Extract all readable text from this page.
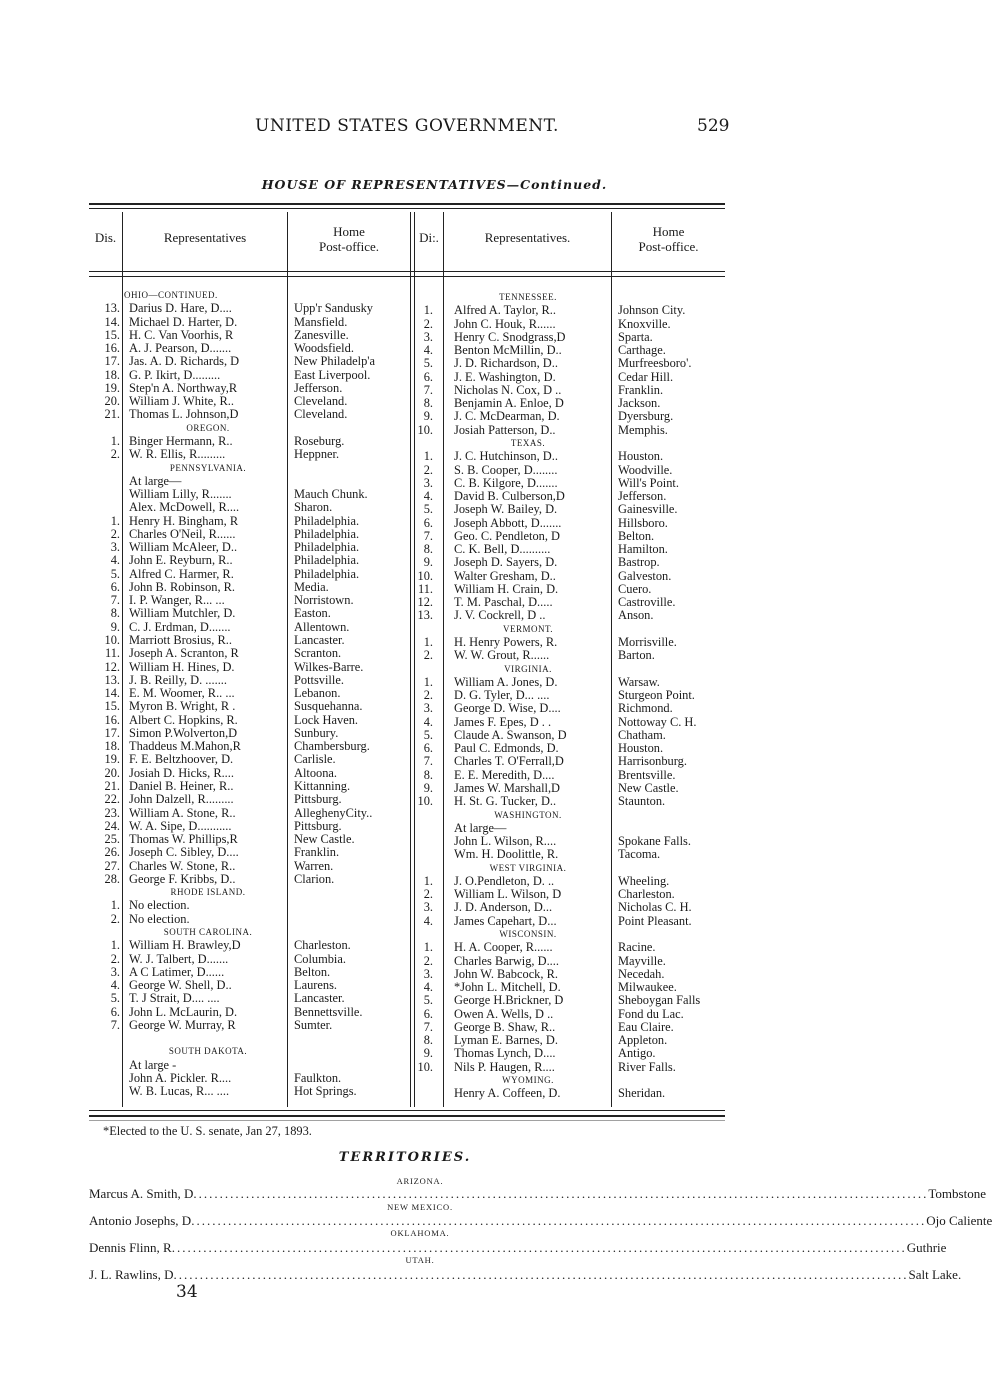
UNITED STATES GOVERNMENT.	529
HOUSE OF REPRESENTATIVES—Continued.
Dis.	Representatives	Home
Post-office.
Di:.	Representatives.	Home
Post-office.
OHIO—CONTINUED.
13. Darius D. Hare, D....	Upp'r Sandusky
14. Michael D. Harter, D.	Mansfield.
15. H. C. Van Voorhis, R	Zanesville.
16. A. J. Pearson, D.......	Woodsfield.
17. Jas. A. D. Richards, D	New Philadelp'a
18. G. P. Ikirt, D.........	East Liverpool.
19. Step'n A. Northway,R	Jefferson.
20. William J. White, R..	Cleveland.
21. Thomas L. Johnson,D	Cleveland.
OREGON.
1. Binger Hermann, R..	Roseburg.
2. W. R. Ellis, R.........	Heppner.
PENNSYLVANIA.
At large—
William Lilly, R.......	Mauch Chunk.
Alex. McDowell, R....	Sharon.
1. Henry H. Bingham, R	Philadelphia.
2. Charles O'Neil, R......	Philadelphia.
3. William McAleer, D..	Philadelphia.
4. John E. Reyburn, R..	Philadelphia.
5. Alfred C. Harmer, R.	Philadelphia.
6. John B. Robinson, R.	Media.
7. I. P. Wanger, R... ...	Norristown.
8. William Mutchler, D.	Easton.
9. C. J. Erdman, D.......	Allentown.
10. Marriott Brosius, R..	Lancaster.
11. Joseph A. Scranton, R	Scranton.
12. William H. Hines, D.	Wilkes-Barre.
13. J. B. Reilly, D. .......	Pottsville.
14. E. M. Woomer, R.. ...	Lebanon.
15. Myron B. Wright, R .	Susquehanna.
16. Albert C. Hopkins, R.	Lock Haven.
17. Simon P.Wolverton,D	Sunbury.
18. Thaddeus M.Mahon,R	Chambersburg.
19. F. E. Beltzhoover, D.	Carlisle.
20. Josiah D. Hicks, R....	Altoona.
21. Daniel B. Heiner, R..	Kittanning.
22. John Dalzell, R.........	Pittsburg.
23. William A. Stone, R..	AlleghenyCity..
24. W. A. Sipe, D...........	Pittsburg.
25. Thomas W. Phillips,R	New Castle.
26. Joseph C. Sibley, D....	Franklin.
27. Charles W. Stone, R..	Warren.
28. George F. Kribbs, D..	Clarion.
RHODE ISLAND.
1. No election.
2. No election.
SOUTH CAROLINA.
1. William H. Brawley,D	Charleston.
2. W. J. Talbert, D.......	Columbia.
3. A C Latimer, D......	Belton.
4. George W. Shell, D..	Laurens.
5. T. J Strait, D.... ....	Lancaster.
6. John L. McLaurin, D.	Bennettsville.
7. George W. Murray, R	Sumter.
SOUTH DAKOTA.
At large -
John A. Pickler. R....	Faulkton.
W. B. Lucas, R... ....	Hot Springs.
TENNESSEE.
1. Alfred A. Taylor, R..	Johnson City.
2. John C. Houk, R......	Knoxville.
3. Henry C. Snodgrass,D	Sparta.
4. Benton McMillin, D..	Carthage.
5. J. D. Richardson, D..	Murfreesboro'.
6. J. E. Washington, D.	Cedar Hill.
7. Nicholas N. Cox, D ..	Franklin.
8. Benjamin A. Enloe, D	Jackson.
9. J. C. McDearman, D.	Dyersburg.
10. Josiah Patterson, D..	Memphis.
TEXAS.
1. J. C. Hutchinson, D..	Houston.
2. S. B. Cooper, D........	Woodville.
3. C. B. Kilgore, D.......	Will's Point.
4. David B. Culberson,D	Jefferson.
5. Joseph W. Bailey, D.	Gainesville.
6. Joseph Abbott, D.......	Hillsboro.
7. Geo. C. Pendleton, D	Belton.
8. C. K. Bell, D..........	Hamilton.
9. Joseph D. Sayers, D.	Bastrop.
10. Walter Gresham, D..	Galveston.
11. William H. Crain, D.	Cuero.
12. T. M. Paschal, D.....	Castroville.
13. J. V. Cockrell, D ..	Anson.
VERMONT.
1. H. Henry Powers, R.	Morrisville.
2. W. W. Grout, R......	Barton.
VIRGINIA.
1. William A. Jones, D.	Warsaw.
2. D. G. Tyler, D... ....	Sturgeon Point.
3. George D. Wise, D....	Richmond.
4. James F. Epes, D . .	Nottoway C. H.
5. Claude A. Swanson, D	Chatham.
6. Paul C. Edmonds, D.	Houston.
7. Charles T. O'Ferrall,D	Harrisonburg.
8. E. E. Meredith, D....	Brentsville.
9. James W. Marshall,D	New Castle.
10. H. St. G. Tucker, D..	Staunton.
WASHINGTON.
At large—
John L. Wilson, R....	Spokane Falls.
Wm. H. Doolittle, R.	Tacoma.
WEST VIRGINIA.
1. J. O.Pendleton, D. ..	Wheeling.
2. William L. Wilson, D	Charleston.
3. J. D. Anderson, D...	Nicholas C. H.
4. James Capehart, D...	Point Pleasant.
WISCONSIN.
1. H. A. Cooper, R......	Racine.
2. Charles Barwig, D....	Mayville.
3. John W. Babcock, R.	Necedah.
4. *John L. Mitchell, D.	Milwaukee.
5. George H.Brickner, D	Sheboygan Falls
6. Owen A. Wells, D ..	Fond du Lac.
7. George B. Shaw, R..	Eau Claire.
8. Lyman E. Barnes, D.	Appleton.
9. Thomas Lynch, D....	Antigo.
10. Nils P. Haugen, R....	River Falls.
WYOMING.
Henry A. Coffeen, D.	Sheridan.
*Elected to the U. S. senate, Jan 27, 1893.
TERRITORIES.
ARIZONA.
Marcus A. Smith, D ............................................................................................................................................ Tombstone
NEW MEXICO.
Antonio Josephs, D ............................................................................................................................................ Ojo Caliente
OKLAHOMA.
Dennis Flinn, R ............................................................................................................................................ Guthrie
UTAH.
J. L. Rawlins, D ............................................................................................................................................ Salt Lake.
34
